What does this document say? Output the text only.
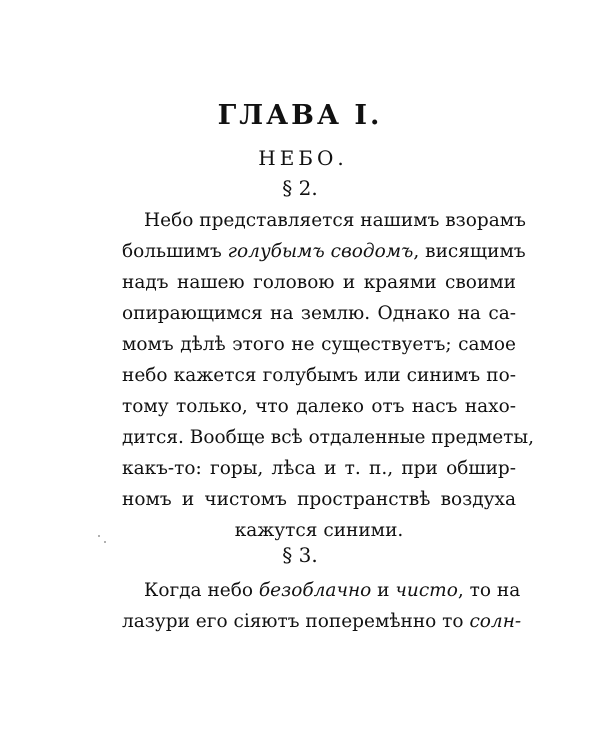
ГЛАВА I.
НЕБО.
§ 2.
Небо представляется нашимъ взорамъ
большимъ голубымъ сводомъ, висящимъ
надъ нашею головою и краями своими
опирающимся на землю. Однако на са-
момъ дѣлѣ этого не существуетъ; самое
небо кажется голубымъ или синимъ по-
тому только, что далеко отъ насъ нахо-
дится. Вообще всѣ отдаленные предметы,
какъ-то: горы, лѣса и т. п., при обшир-
номъ и чистомъ пространствѣ воздуха
кажутся синими.
§ 3.
Когда небо безоблачно и чисто, то на
лазури его сіяютъ поперемѣнно то солн-
